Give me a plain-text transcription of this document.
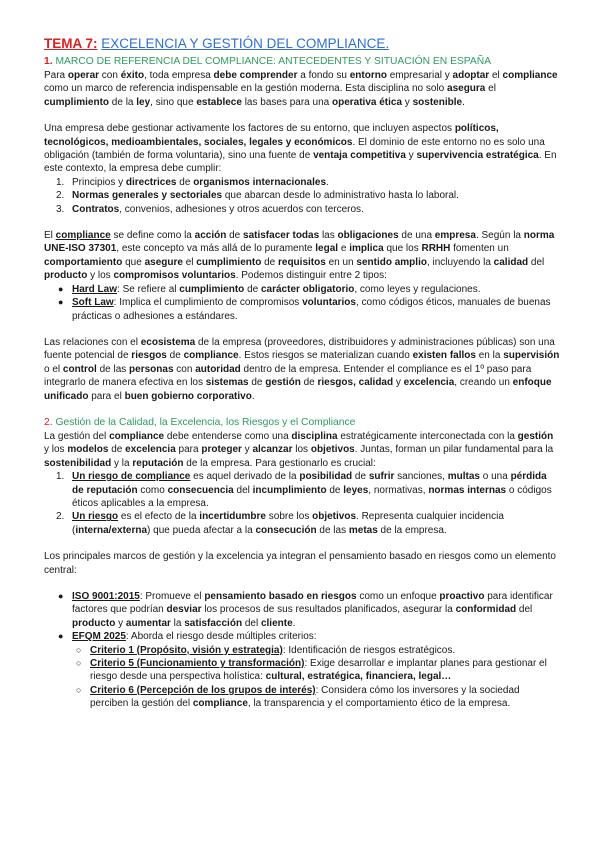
TEMA 7: EXCELENCIA Y GESTIÓN DEL COMPLIANCE.
1. MARCO DE REFERENCIA DEL COMPLIANCE: ANTECEDENTES Y SITUACIÓN EN ESPAÑA

Para operar con éxito, toda empresa debe comprender a fondo su entorno empresarial y adoptar el compliance como un marco de referencia indispensable en la gestión moderna. Esta disciplina no solo asegura el cumplimiento de la ley, sino que establece las bases para una operativa ética y sostenible.

Una empresa debe gestionar activamente los factores de su entorno, que incluyen aspectos políticos, tecnológicos, medioambientales, sociales, legales y económicos. El dominio de este entorno no es solo una obligación (también de forma voluntaria), sino una fuente de ventaja competitiva y supervivencia estratégica. En este contexto, la empresa debe cumplir:

1. Principios y directrices de organismos internacionales.
2. Normas generales y sectoriales que abarcan desde lo administrativo hasta lo laboral.
3. Contratos, convenios, adhesiones y otros acuerdos con terceros.

El compliance se define como la acción de satisfacer todas las obligaciones de una empresa. Según la norma UNE-ISO 37301, este concepto va más allá de lo puramente legal e implica que los RRHH fomenten un comportamiento que asegure el cumplimiento de requisitos en un sentido amplio, incluyendo la calidad del producto y los compromisos voluntarios. Podemos distinguir entre 2 tipos:

● Hard Law: Se refiere al cumplimiento de carácter obligatorio, como leyes y regulaciones.
● Soft Law: Implica el cumplimiento de compromisos voluntarios, como códigos éticos, manuales de buenas prácticas o adhesiones a estándares.

Las relaciones con el ecosistema de la empresa (proveedores, distribuidores y administraciones públicas) son una fuente potencial de riesgos de compliance. Estos riesgos se materializan cuando existen fallos en la supervisión o el control de las personas con autoridad dentro de la empresa. Entender el compliance es el 1º paso para integrarlo de manera efectiva en los sistemas de gestión de riesgos, calidad y excelencia, creando un enfoque unificado para el buen gobierno corporativo.

2. Gestión de la Calidad, la Excelencia, los Riesgos y el Compliance

La gestión del compliance debe entenderse como una disciplina estratégicamente interconectada con la gestión y los modelos de excelencia para proteger y alcanzar los objetivos. Juntas, forman un pilar fundamental para la sostenibilidad y la reputación de la empresa. Para gestionarlo es crucial:

1. Un riesgo de compliance es aquel derivado de la posibilidad de sufrir sanciones, multas o una pérdida de reputación como consecuencia del incumplimiento de leyes, normativas, normas internas o códigos éticos aplicables a la empresa.
2. Un riesgo es el efecto de la incertidumbre sobre los objetivos. Representa cualquier incidencia (interna/externa) que pueda afectar a la consecución de las metas de la empresa.

Los principales marcos de gestión y la excelencia ya integran el pensamiento basado en riesgos como un elemento central:

● ISO 9001:2015: Promueve el pensamiento basado en riesgos como un enfoque proactivo para identificar factores que podrían desviar los procesos de sus resultados planificados, asegurar la conformidad del producto y aumentar la satisfacción del cliente.
● EFQM 2025: Aborda el riesgo desde múltiples criterios:
○ Criterio 1 (Propósito, visión y estrategia): Identificación de riesgos estratégicos.
○ Criterio 5 (Funcionamiento y transformación): Exige desarrollar e implantar planes para gestionar el riesgo desde una perspectiva holística: cultural, estratégica, financiera, legal…
○ Criterio 6 (Percepción de los grupos de interés): Considera cómo los inversores y la sociedad perciben la gestión del compliance, la transparencia y el comportamiento ético de la empresa.
